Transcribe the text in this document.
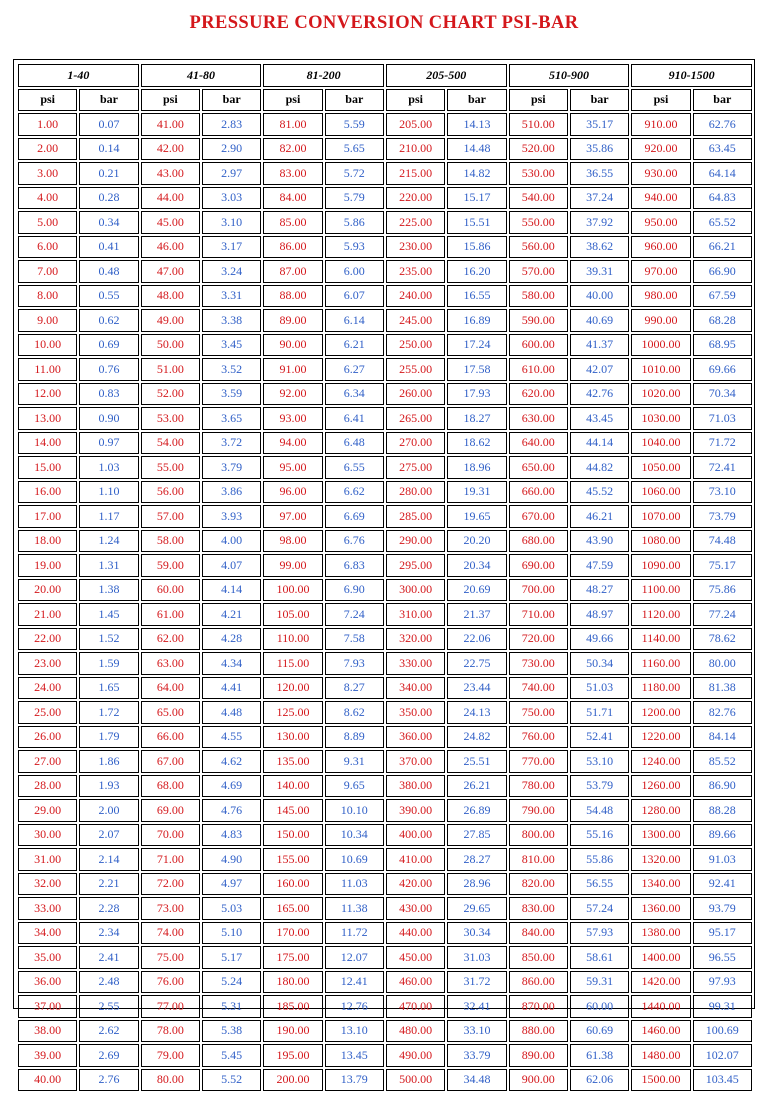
PRESSURE CONVERSION CHART PSI-BAR
1-40		41-80		81-200		205-500		510-900		910-1500	
psi	bar	psi	bar	psi	bar	psi	bar	psi	bar	psi	bar
1.00	0.07	41.00	2.83	81.00	5.59	205.00	14.13	510.00	35.17	910.00	62.76
2.00	0.14	42.00	2.90	82.00	5.65	210.00	14.48	520.00	35.86	920.00	63.45
3.00	0.21	43.00	2.97	83.00	5.72	215.00	14.82	530.00	36.55	930.00	64.14
4.00	0.28	44.00	3.03	84.00	5.79	220.00	15.17	540.00	37.24	940.00	64.83
5.00	0.34	45.00	3.10	85.00	5.86	225.00	15.51	550.00	37.92	950.00	65.52
6.00	0.41	46.00	3.17	86.00	5.93	230.00	15.86	560.00	38.62	960.00	66.21
7.00	0.48	47.00	3.24	87.00	6.00	235.00	16.20	570.00	39.31	970.00	66.90
8.00	0.55	48.00	3.31	88.00	6.07	240.00	16.55	580.00	40.00	980.00	67.59
9.00	0.62	49.00	3.38	89.00	6.14	245.00	16.89	590.00	40.69	990.00	68.28
10.00	0.69	50.00	3.45	90.00	6.21	250.00	17.24	600.00	41.37	1000.00	68.95
11.00	0.76	51.00	3.52	91.00	6.27	255.00	17.58	610.00	42.07	1010.00	69.66
12.00	0.83	52.00	3.59	92.00	6.34	260.00	17.93	620.00	42.76	1020.00	70.34
13.00	0.90	53.00	3.65	93.00	6.41	265.00	18.27	630.00	43.45	1030.00	71.03
14.00	0.97	54.00	3.72	94.00	6.48	270.00	18.62	640.00	44.14	1040.00	71.72
15.00	1.03	55.00	3.79	95.00	6.55	275.00	18.96	650.00	44.82	1050.00	72.41
16.00	1.10	56.00	3.86	96.00	6.62	280.00	19.31	660.00	45.52	1060.00	73.10
17.00	1.17	57.00	3.93	97.00	6.69	285.00	19.65	670.00	46.21	1070.00	73.79
18.00	1.24	58.00	4.00	98.00	6.76	290.00	20.20	680.00	43.90	1080.00	74.48
19.00	1.31	59.00	4.07	99.00	6.83	295.00	20.34	690.00	47.59	1090.00	75.17
20.00	1.38	60.00	4.14	100.00	6.90	300.00	20.69	700.00	48.27	1100.00	75.86
21.00	1.45	61.00	4.21	105.00	7.24	310.00	21.37	710.00	48.97	1120.00	77.24
22.00	1.52	62.00	4.28	110.00	7.58	320.00	22.06	720.00	49.66	1140.00	78.62
23.00	1.59	63.00	4.34	115.00	7.93	330.00	22.75	730.00	50.34	1160.00	80.00
24.00	1.65	64.00	4.41	120.00	8.27	340.00	23.44	740.00	51.03	1180.00	81.38
25.00	1.72	65.00	4.48	125.00	8.62	350.00	24.13	750.00	51.71	1200.00	82.76
26.00	1.79	66.00	4.55	130.00	8.89	360.00	24.82	760.00	52.41	1220.00	84.14
27.00	1.86	67.00	4.62	135.00	9.31	370.00	25.51	770.00	53.10	1240.00	85.52
28.00	1.93	68.00	4.69	140.00	9.65	380.00	26.21	780.00	53.79	1260.00	86.90
29.00	2.00	69.00	4.76	145.00	10.10	390.00	26.89	790.00	54.48	1280.00	88.28
30.00	2.07	70.00	4.83	150.00	10.34	400.00	27.85	800.00	55.16	1300.00	89.66
31.00	2.14	71.00	4.90	155.00	10.69	410.00	28.27	810.00	55.86	1320.00	91.03
32.00	2.21	72.00	4.97	160.00	11.03	420.00	28.96	820.00	56.55	1340.00	92.41
33.00	2.28	73.00	5.03	165.00	11.38	430.00	29.65	830.00	57.24	1360.00	93.79
34.00	2.34	74.00	5.10	170.00	11.72	440.00	30.34	840.00	57.93	1380.00	95.17
35.00	2.41	75.00	5.17	175.00	12.07	450.00	31.03	850.00	58.61	1400.00	96.55
36.00	2.48	76.00	5.24	180.00	12.41	460.00	31.72	860.00	59.31	1420.00	97.93
37.00	2.55	77.00	5.31	185.00	12.76	470.00	32.41	870.00	60.00	1440.00	99.31
38.00	2.62	78.00	5.38	190.00	13.10	480.00	33.10	880.00	60.69	1460.00	100.69
39.00	2.69	79.00	5.45	195.00	13.45	490.00	33.79	890.00	61.38	1480.00	102.07
40.00	2.76	80.00	5.52	200.00	13.79	500.00	34.48	900.00	62.06	1500.00	103.45
